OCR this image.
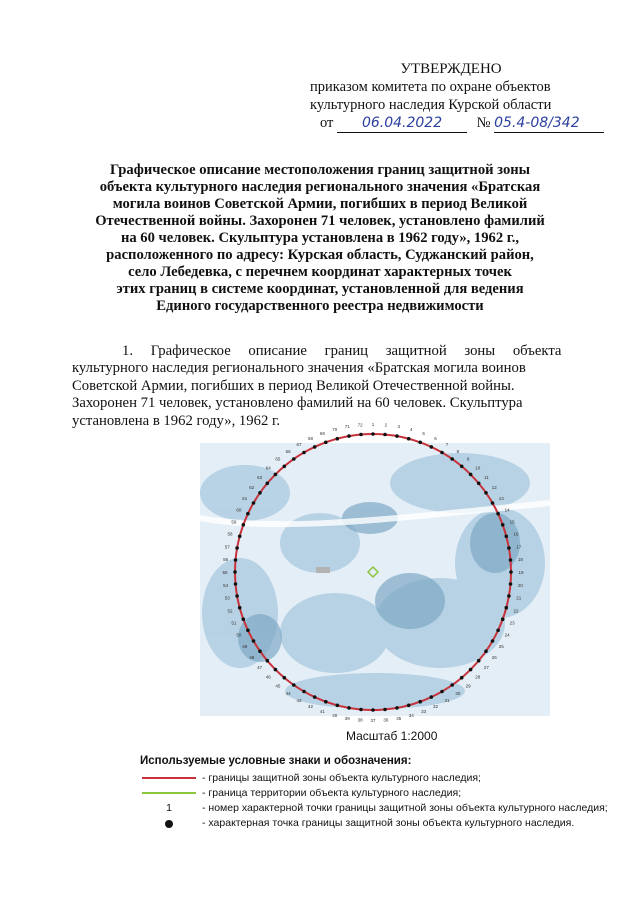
УТВЕРЖДЕНО
приказом комитета по охране объектов
культурного наследия Курской области
от 06.04.2022 № 05.4-08/342
Графическое описание местоположения границ защитной зоны
объекта культурного наследия регионального значения «Братская
могила воинов Советской Армии, погибших в период Великой
Отечественной войны. Захоронен 71 человек, установлено фамилий
на 60 человек. Скульптура установлена в 1962 году», 1962 г.,
расположенного по адресу: Курская область, Суджанский район,
село Лебедевка, с перечнем координат характерных точек
этих границ в системе координат, установленной для ведения
Единого государственного реестра недвижимости
1. Графическое описание границ защитной зоны объекта
культурного наследия регионального значения «Братская могила воинов
Советской Армии, погибших в период Великой Отечественной войны.
Захоронен 71 человек, установлено фамилий на 60 человек. Скульптура
установлена в 1962 году», 1962 г.	1 2 3
4
5
6
7
8
9
10
11
12
13
14
15
16
17
18
19
20
21
22
23
24
25
26
27
28
29
30
31
32
33
34
35
36
37
38
39
40
41
42
43
44
45
46
47
48
49
50
51
52
53
54
55
56
57
58
59
60
61
62
63
64
65
66
67
68
69
70
71 72
Масштаб 1:2000
Используемые условные знаки и обозначения:
- границы защитной зоны объекта культурного наследия;
- граница территории объекта культурного наследия;
1	- номер характерной точки границы защитной зоны объекта культурного наследия;
- характерная точка границы защитной зоны объекта культурного наследия.
